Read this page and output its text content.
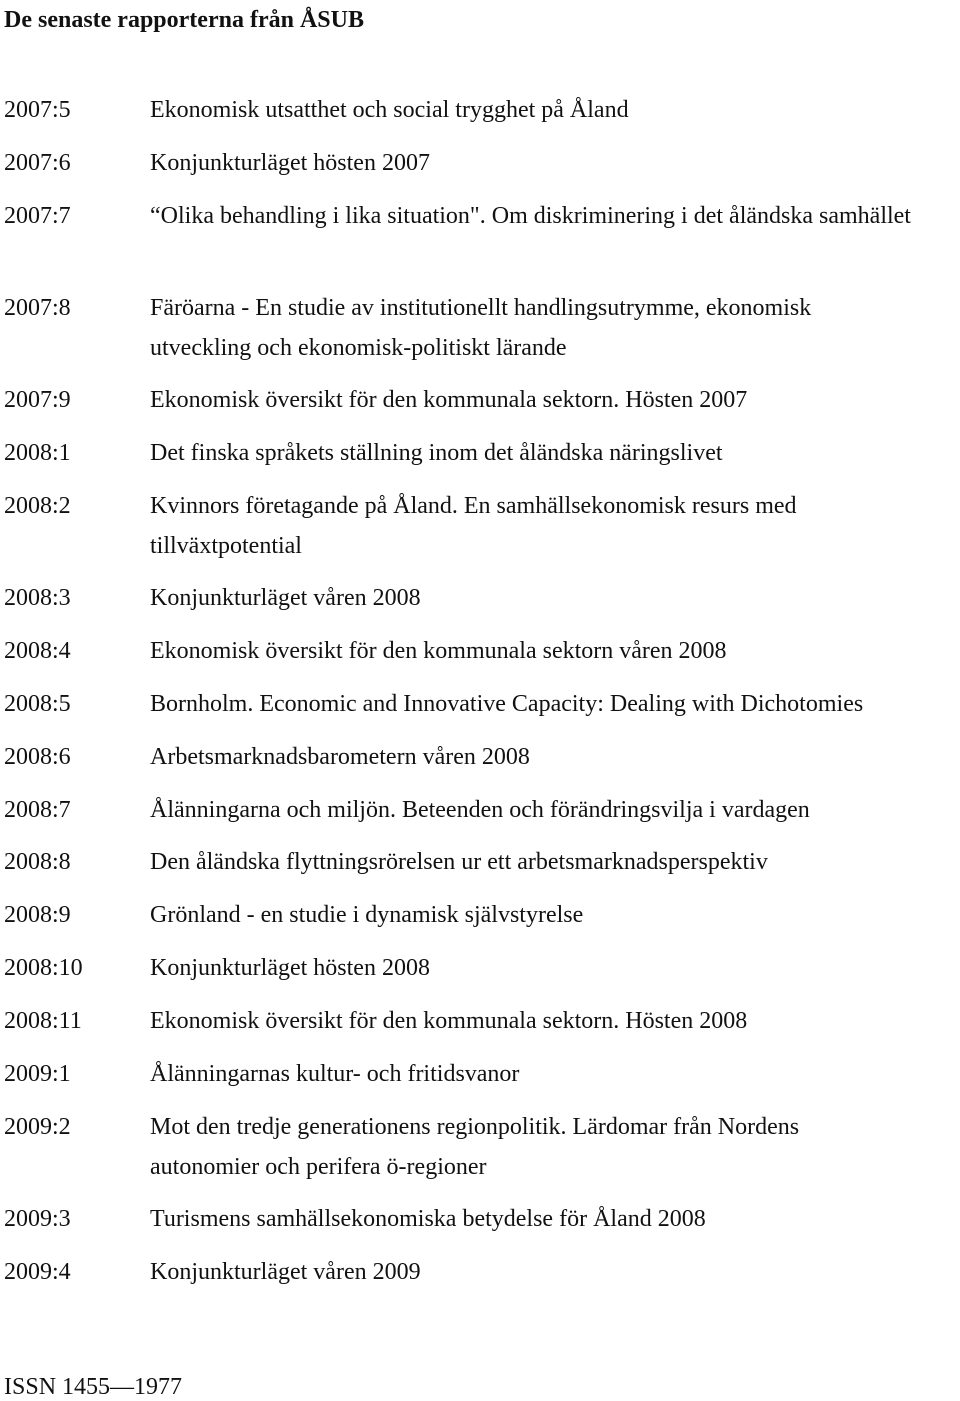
De senaste rapporterna från ÅSUB
2007:5	Ekonomisk utsatthet och social trygghet på Åland
2007:6	Konjunkturläget hösten 2007
2007:7	“Olika behandling i lika situation". Om diskriminering i det åländska samhället
2007:8	Färöarna - En studie av institutionellt handlingsutrymme, ekonomisk utveckling och ekonomisk-politiskt lärande
2007:9	Ekonomisk översikt för den kommunala sektorn. Hösten 2007
2008:1	Det finska språkets ställning inom det åländska näringslivet
2008:2	Kvinnors företagande på Åland. En samhällsekonomisk resurs med tillväxtpotential
2008:3	Konjunkturläget våren 2008
2008:4	Ekonomisk översikt för den kommunala sektorn våren 2008
2008:5	Bornholm. Economic and Innovative Capacity: Dealing with Dichotomies
2008:6	Arbetsmarknadsbarometern våren 2008
2008:7	Ålänningarna och miljön. Beteenden och förändringsvilja i vardagen
2008:8	Den åländska flyttningsrörelsen ur ett arbetsmarknadsperspektiv
2008:9	Grönland - en studie i dynamisk självstyrelse
2008:10	Konjunkturläget hösten 2008
2008:11	Ekonomisk översikt för den kommunala sektorn. Hösten 2008
2009:1	Ålänningarnas kultur- och fritidsvanor
2009:2	Mot den tredje generationens regionpolitik. Lärdomar från Nordens autonomier och perifera ö-regioner
2009:3	Turismens samhällsekonomiska betydelse för Åland 2008
2009:4	Konjunkturläget våren 2009
ISSN 1455—1977
